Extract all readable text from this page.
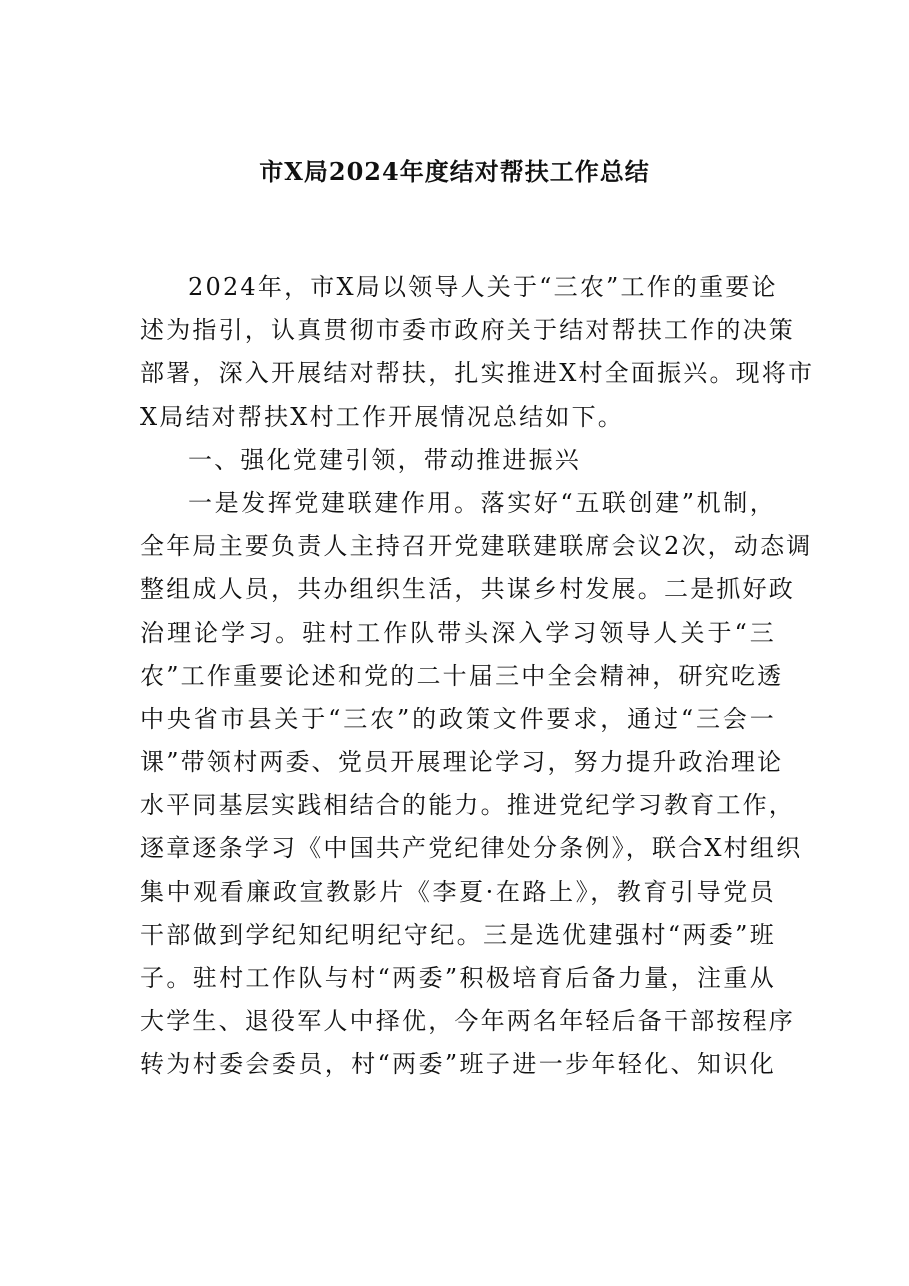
市X局2024年度结对帮扶工作总结
2024年，市X局以领导人关于“三农”工作的重要论
述为指引，认真贯彻市委市政府关于结对帮扶工作的决策
部署，深入开展结对帮扶，扎实推进X村全面振兴。现将市
X局结对帮扶X村工作开展情况总结如下。
一、强化党建引领，带动推进振兴
一是发挥党建联建作用。落实好“五联创建”机制，
全年局主要负责人主持召开党建联建联席会议2次，动态调
整组成人员，共办组织生活，共谋乡村发展。二是抓好政
治理论学习。驻村工作队带头深入学习领导人关于“三
农”工作重要论述和党的二十届三中全会精神，研究吃透
中央省市县关于“三农”的政策文件要求，通过“三会一
课”带领村两委、党员开展理论学习，努力提升政治理论
水平同基层实践相结合的能力。推进党纪学习教育工作，
逐章逐条学习《中国共产党纪律处分条例》，联合X村组织
集中观看廉政宣教影片《李夏·在路上》，教育引导党员
干部做到学纪知纪明纪守纪。三是选优建强村“两委”班
子。驻村工作队与村“两委”积极培育后备力量，注重从
大学生、退役军人中择优，今年两名年轻后备干部按程序
转为村委会委员，村“两委”班子进一步年轻化、知识化
